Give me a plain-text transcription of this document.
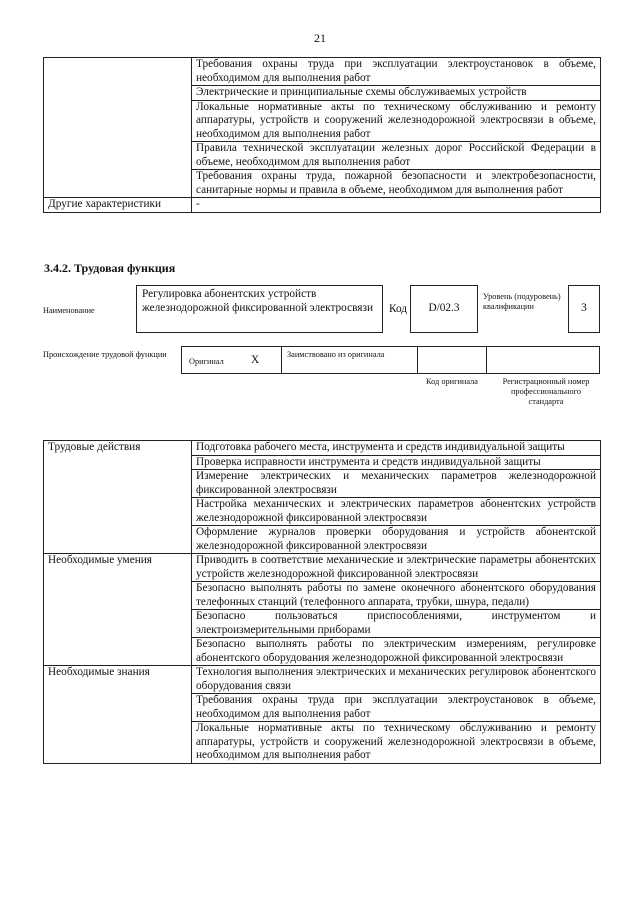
21
	Требования охраны труда при эксплуатации электроустановок в объеме, необходимом для выполнения работ
	Электрические и принципиальные схемы обслуживаемых устройств
	Локальные нормативные акты по техническому обслуживанию и ремонту аппаратуры, устройств и сооружений железнодорожной электросвязи в объеме, необходимом для выполнения работ
	Правила технической эксплуатации железных дорог Российской Федерации в объеме, необходимом для выполнения работ
	Требования охраны труда, пожарной безопасности и электробезопасности, санитарные нормы и правила в объеме, необходимом для выполнения работ
Другие характеристики	-
3.4.2. Трудовая функция
Наименование
Регулировка абонентских устройств железнодорожной фиксированной электросвязи	Код	D/02.3
Уровень (подуровень) квалификации	3
Происхождение трудовой функции
Оригинал X	Заимствовано из оригинала
Код оригинала	Регистрационный номер профессионального стандарта
Трудовые действия	Подготовка рабочего места, инструмента и средств индивидуальной защиты
	Проверка исправности инструмента и средств индивидуальной защиты
	Измерение электрических и механических параметров железнодорожной фиксированной электросвязи
	Настройка механических и электрических параметров абонентских устройств железнодорожной фиксированной электросвязи
	Оформление журналов проверки оборудования и устройств абонентской железнодорожной фиксированной электросвязи
Необходимые умения	Приводить в соответствие механические и электрические параметры абонентских устройств железнодорожной фиксированной электросвязи
	Безопасно выполнять работы по замене оконечного абонентского оборудования телефонных станций (телефонного аппарата, трубки, шнура, педали)
	Безопасно пользоваться приспособлениями, инструментом и электроизмерительными приборами
	Безопасно выполнять работы по электрическим измерениям, регулировке абонентского оборудования железнодорожной фиксированной электросвязи
Необходимые знания	Технология выполнения электрических и механических регулировок абонентского оборудования связи
	Требования охраны труда при эксплуатации электроустановок в объеме, необходимом для выполнения работ
	Локальные нормативные акты по техническому обслуживанию и ремонту аппаратуры, устройств и сооружений железнодорожной электросвязи в объеме, необходимом для выполнения работ
